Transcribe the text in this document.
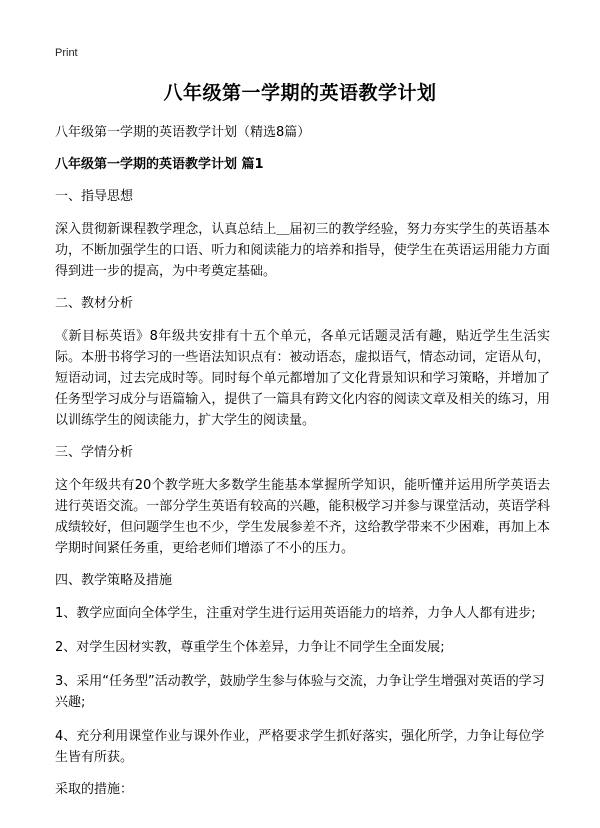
Print
八年级第一学期的英语教学计划
八年级第一学期的英语教学计划（精选8篇）
八年级第一学期的英语教学计划 篇1
一、指导思想
深入贯彻新课程教学理念，认真总结上＿届初三的教学经验，努力夯实学生的英语基本功，不断加强学生的口语、听力和阅读能力的培养和指导，使学生在英语运用能力方面得到进一步的提高，为中考奠定基础。
二、教材分析
《新目标英语》8年级共安排有十五个单元，各单元话题灵活有趣，贴近学生生活实际。本册书将学习的一些语法知识点有：被动语态，虚拟语气，情态动词，定语从句，短语动词，过去完成时等。同时每个单元都增加了文化背景知识和学习策略，并增加了任务型学习成分与语篇输入，提供了一篇具有跨文化内容的阅读文章及相关的练习，用以训练学生的阅读能力，扩大学生的阅读量。
三、学情分析
这个年级共有20个教学班大多数学生能基本掌握所学知识，能听懂并运用所学英语去进行英语交流。一部分学生英语有较高的兴趣，能积极学习并参与课堂活动，英语学科成绩较好，但问题学生也不少，学生发展参差不齐，这给教学带来不少困难，再加上本学期时间紧任务重，更给老师们增添了不小的压力。
四、教学策略及措施
1、教学应面向全体学生，注重对学生进行运用英语能力的培养，力争人人都有进步;
2、对学生因材实教，尊重学生个体差异，力争让不同学生全面发展;
3、采用“任务型”活动教学，鼓励学生参与体验与交流，力争让学生增强对英语的学习兴趣;
4、充分利用课堂作业与课外作业，严格要求学生抓好落实，强化所学，力争让每位学生皆有所获。
采取的措施：
